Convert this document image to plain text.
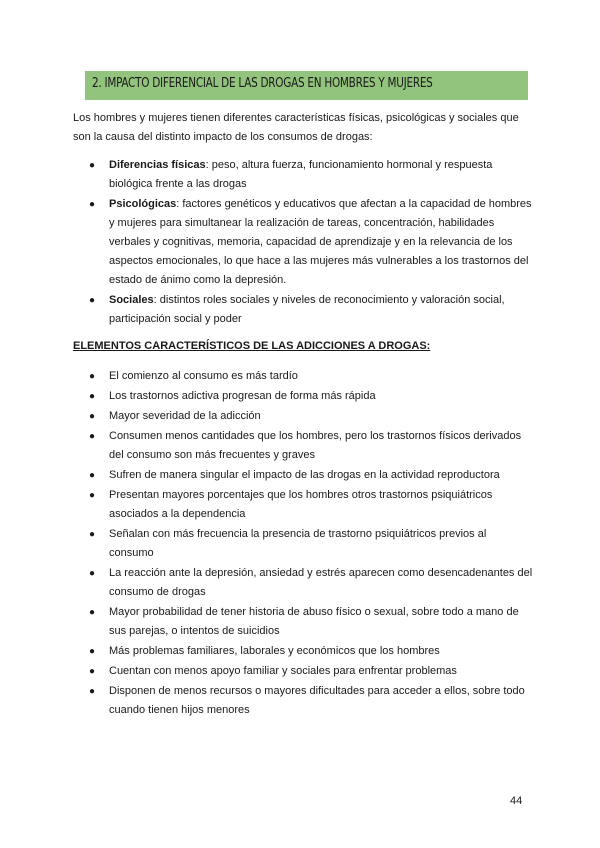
2. IMPACTO DIFERENCIAL DE LAS DROGAS EN HOMBRES Y MUJERES

Los hombres y mujeres tienen diferentes características físicas, psicológicas y sociales que son la causa del distinto impacto de los consumos de drogas:

● Diferencias físicas: peso, altura fuerza, funcionamiento hormonal y respuesta biológica frente a las drogas
● Psicológicas: factores genéticos y educativos que afectan a la capacidad de hombres y mujeres para simultanear la realización de tareas, concentración, habilidades verbales y cognitivas, memoria, capacidad de aprendizaje y en la relevancia de los aspectos emocionales, lo que hace a las mujeres más vulnerables a los trastornos del estado de ánimo como la depresión.
● Sociales: distintos roles sociales y niveles de reconocimiento y valoración social, participación social y poder

ELEMENTOS CARACTERÍSTICOS DE LAS ADICCIONES A DROGAS:

● El comienzo al consumo es más tardío
● Los trastornos adictiva progresan de forma más rápida
● Mayor severidad de la adicción
● Consumen menos cantidades que los hombres, pero los trastornos físicos derivados del consumo son más frecuentes y graves
● Sufren de manera singular el impacto de las drogas en la actividad reproductora
● Presentan mayores porcentajes que los hombres otros trastornos psiquiátricos asociados a la dependencia
● Señalan con más frecuencia la presencia de trastorno psiquiátricos previos al consumo
● La reacción ante la depresión, ansiedad y estrés aparecen como desencadenantes del consumo de drogas
● Mayor probabilidad de tener historia de abuso físico o sexual, sobre todo a mano de sus parejas, o intentos de suicidios
● Más problemas familiares, laborales y económicos que los hombres
● Cuentan con menos apoyo familiar y sociales para enfrentar problemas
● Disponen de menos recursos o mayores dificultades para acceder a ellos, sobre todo cuando tienen hijos menores
44
